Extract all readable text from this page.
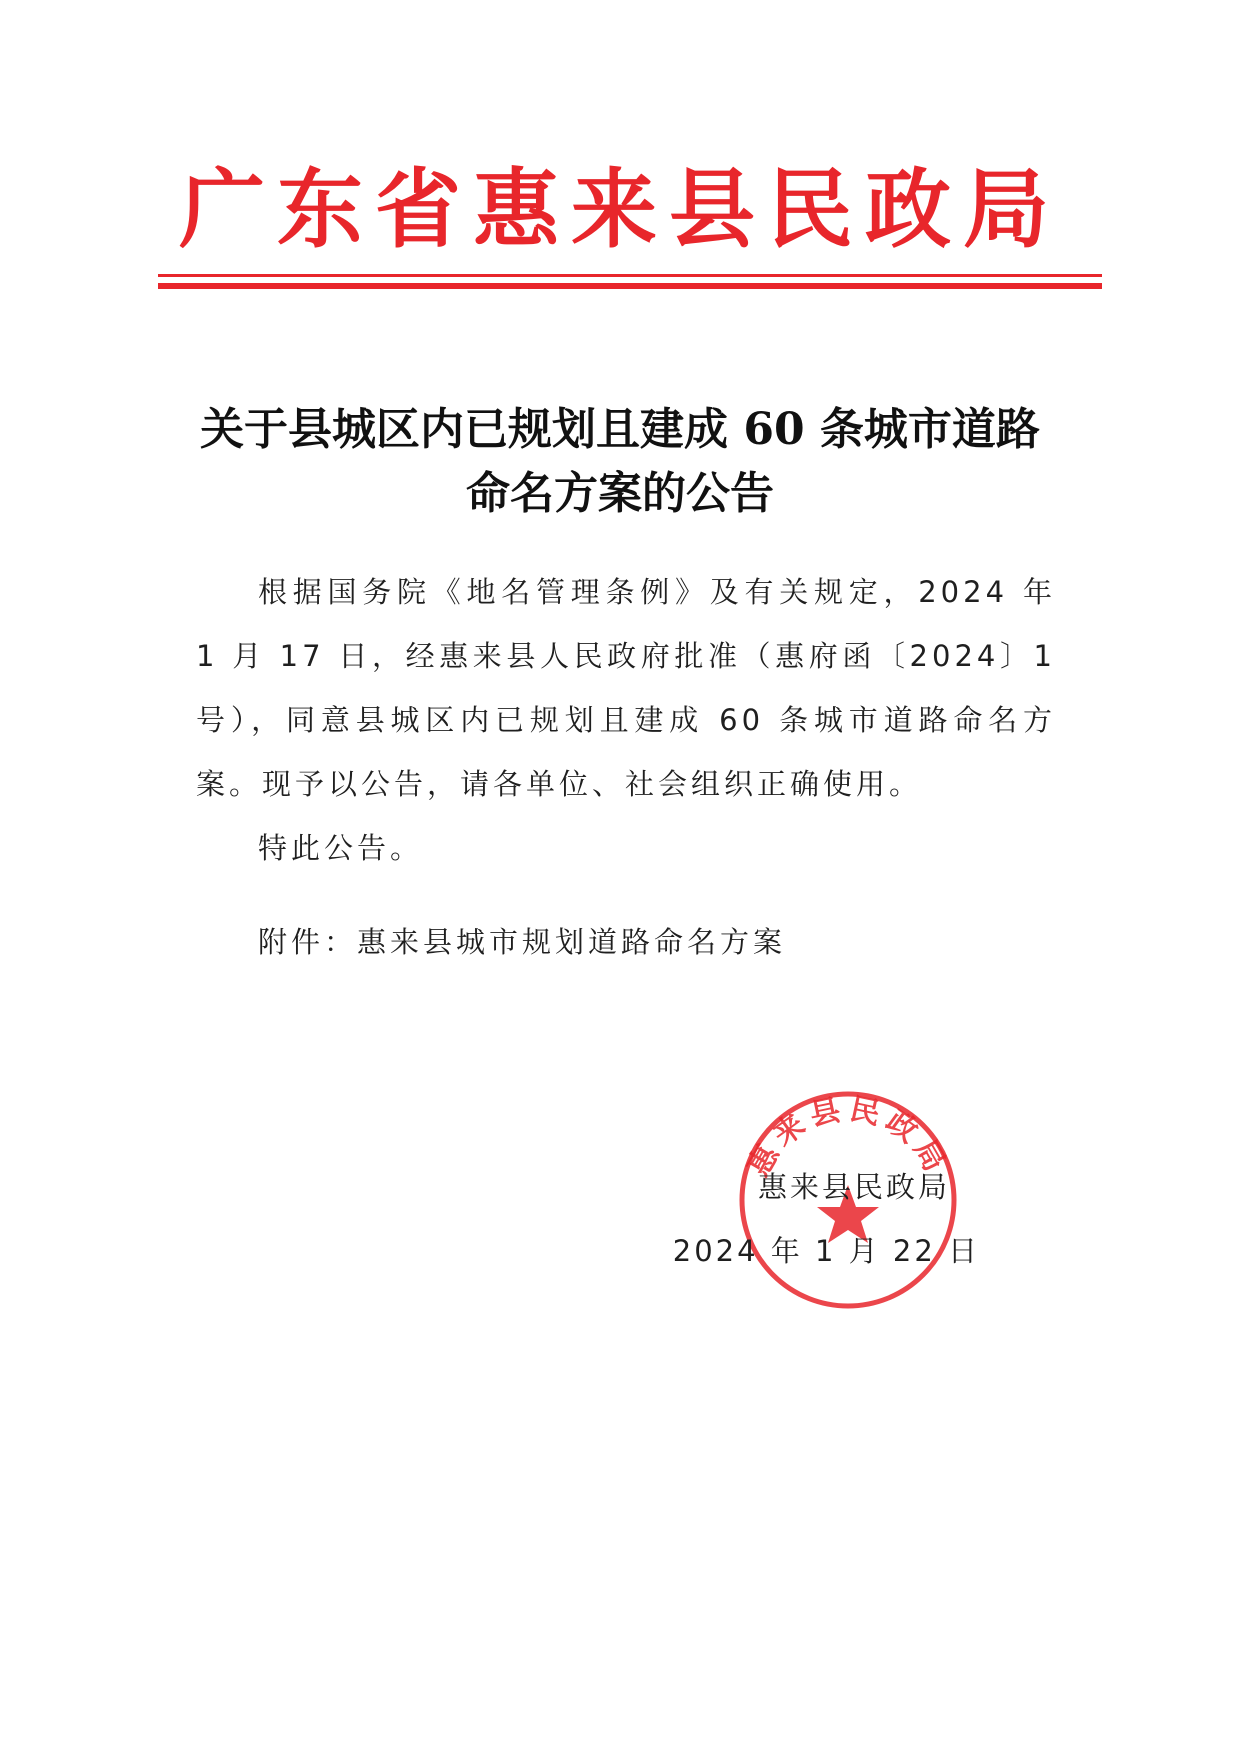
广东省惠来县民政局
关于县城区内已规划且建成 60 条城市道路
命名方案的公告

根据国务院《地名管理条例》及有关规定，2024 年 1 月 17 日，经惠来县人民政府批准（惠府函〔2024〕1 号），同意县城区内已规划且建成 60 条城市道路命名方案。现予以公告，请各单位、社会组织正确使用。

特此公告。

附件：惠来县城市规划道路命名方案

惠来县民政局
惠来县民政局
2024 年 1 月 22 日
